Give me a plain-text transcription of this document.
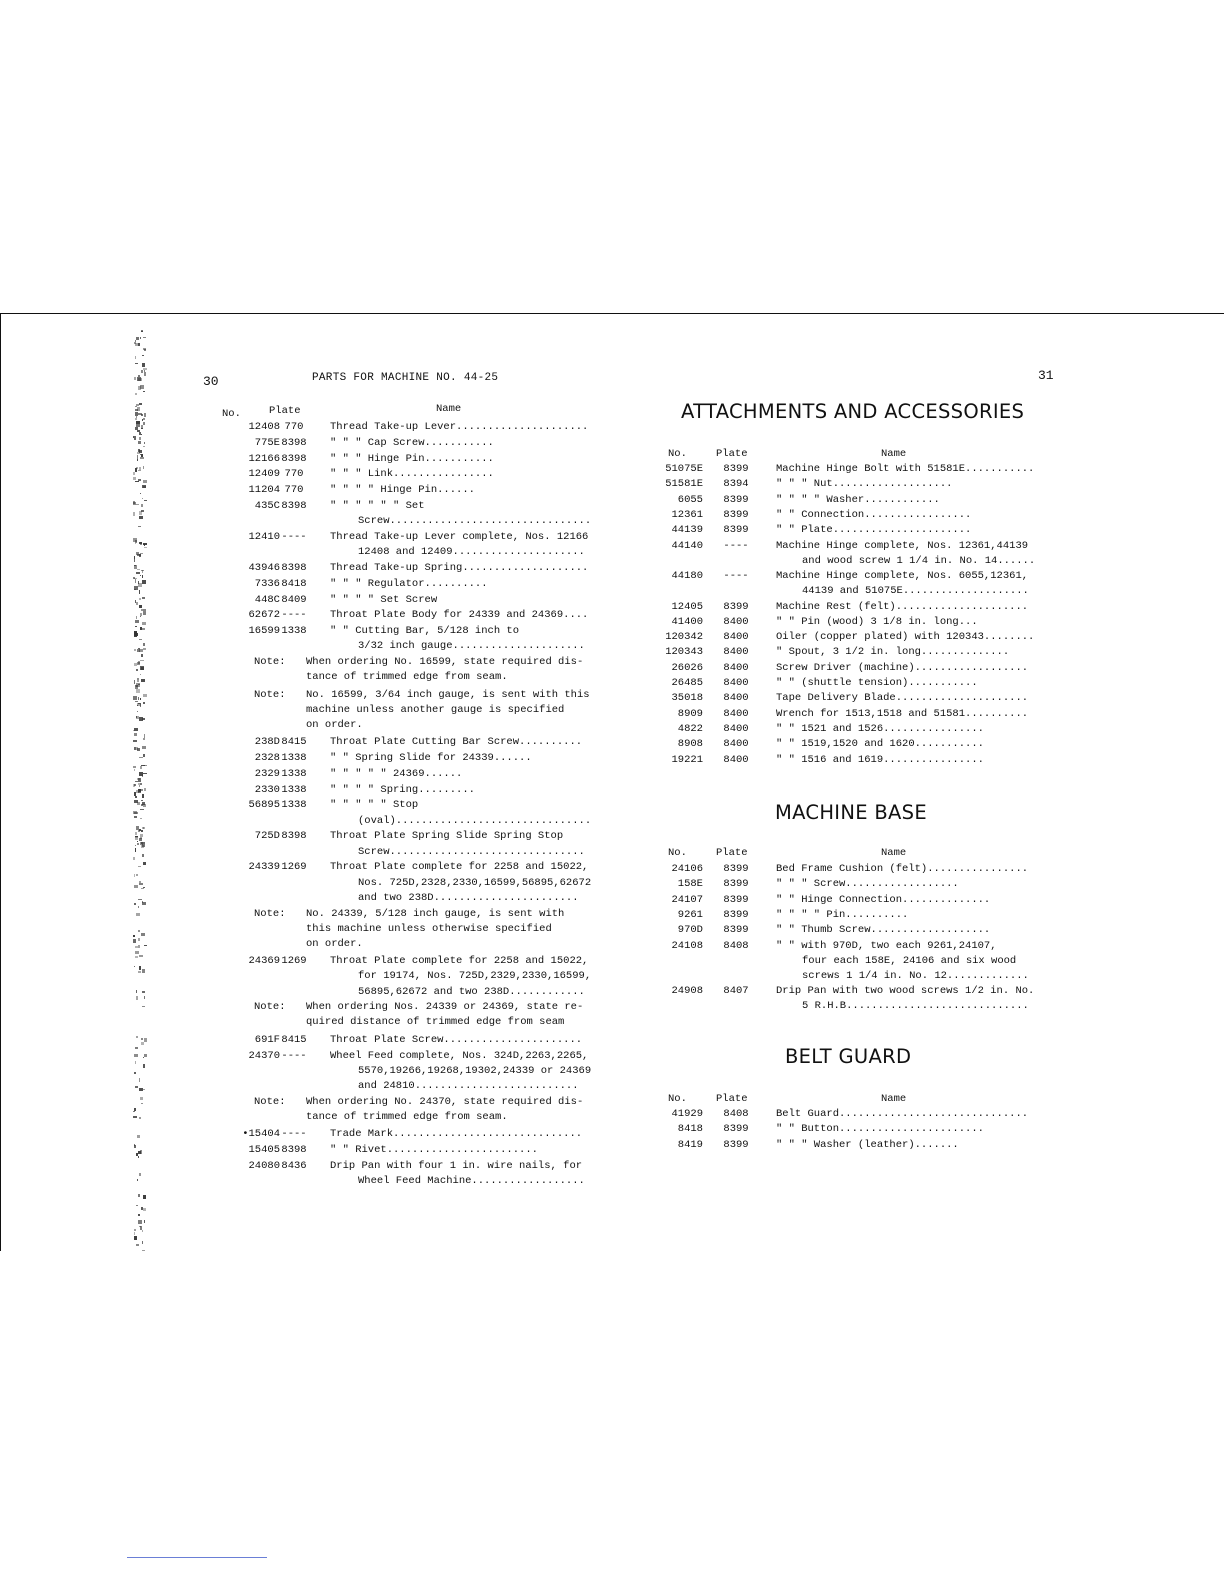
30	PARTS FOR MACHINE NO. 44-25	31
No.	Plate	Name
12408 770	Thread Take-up Lever.....................
775E 8398	" " " Cap Screw...........
12166 8398	" " " Hinge Pin...........
12409 770	" " " Link................
11204 770	" " " " Hinge Pin......
435C 8398	" " " " " " Set
Screw................................
12410 ----	Thread Take-up Lever complete, Nos. 12166
12408 and 12409.....................
43946 8398	Thread Take-up Spring....................
7336 8418	" " " Regulator..........
448C 8409	" " " " Set Screw
62672 ----	Throat Plate Body for 24339 and 24369....
16599 1338	" " Cutting Bar, 5/128 inch to
3/32 inch gauge.....................
Note: When ordering No. 16599, state required dis-
tance of trimmed edge from seam.
Note: No. 16599, 3/64 inch gauge, is sent with this
machine unless another gauge is specified
on order.
238D 8415	Throat Plate Cutting Bar Screw..........
2328 1338	" " Spring Slide for 24339......
2329 1338	" " " " " 24369......
2330 1338	" " " " Spring.........
56895 1338	" " " " " Stop
(oval)...............................
725D 8398	Throat Plate Spring Slide Spring Stop
Screw...............................
24339 1269	Throat Plate complete for 2258 and 15022,
Nos. 725D,2328,2330,16599,56895,62672
and two 238D.......................
Note: No. 24339, 5/128 inch gauge, is sent with
this machine unless otherwise specified
on order.
24369 1269	Throat Plate complete for 2258 and 15022,
for 19174, Nos. 725D,2329,2330,16599,
56895,62672 and two 238D............
Note: When ordering Nos. 24339 or 24369, state re-
quired distance of trimmed edge from seam
691F 8415	Throat Plate Screw......................
24370 ----	Wheel Feed complete, Nos. 324D,2263,2265,
5570,19266,19268,19302,24339 or 24369
and 24810..........................
Note: When ordering No. 24370, state required dis-
tance of trimmed edge from seam.
•15404 ----	Trade Mark..............................
15405 8398	" " Rivet........................
24080 8436	Drip Pan with four 1 in. wire nails, for
Wheel Feed Machine..................
ATTACHMENTS AND ACCESSORIES
No.	Plate	Name
51075E	8399	Machine Hinge Bolt with 51581E...........
51581E	8394	" " " Nut...................
6055	8399	" " " " Washer............
12361	8399	" " Connection.................
44139	8399	" " Plate......................
44140	----	Machine Hinge complete, Nos. 12361,44139
and wood screw 1 1/4 in. No. 14......
44180	----	Machine Hinge complete, Nos. 6055,12361,
44139 and 51075E....................
12405	8399	Machine Rest (felt).....................
41400	8400	" " Pin (wood) 3 1/8 in. long...
120342	8400	Oiler (copper plated) with 120343........
120343	8400	" Spout, 3 1/2 in. long..............
26026	8400	Screw Driver (machine)..................
26485	8400	" " (shuttle tension)...........
35018	8400	Tape Delivery Blade.....................
8909	8400	Wrench for 1513,1518 and 51581..........
4822	8400	" " 1521 and 1526................
8908	8400	" " 1519,1520 and 1620...........
19221	8400	" " 1516 and 1619................
MACHINE BASE
No.	Plate	Name
24106	8399	Bed Frame Cushion (felt)................
158E	8399	" " " Screw..................
24107	8399	" " Hinge Connection..............
9261	8399	" " " " Pin..........
970D	8399	" " Thumb Screw...................
24108	8408	" " with 970D, two each 9261,24107,
four each 158E, 24106 and six wood
screws 1 1/4 in. No. 12.............
24908	8407	Drip Pan with two wood screws 1/2 in. No.
5 R.H.B.............................
BELT GUARD
No.	Plate	Name
41929	8408	Belt Guard..............................
8418	8399	" " Button.......................
8419	8399	" " " Washer (leather).......
